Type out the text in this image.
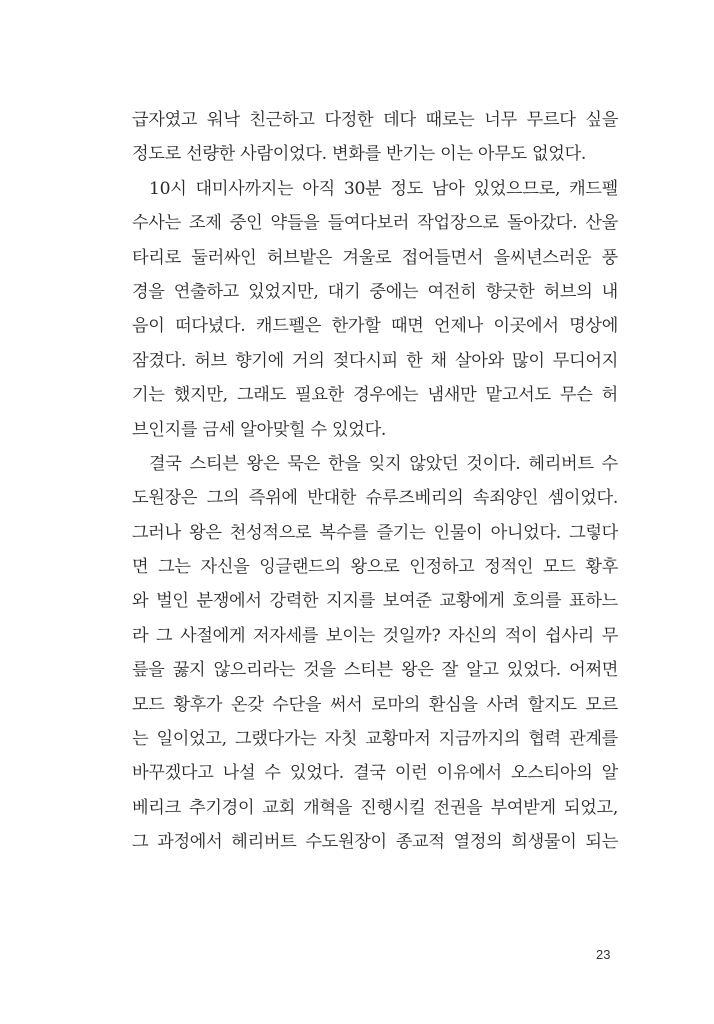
급자였고 워낙 친근하고 다정한 데다 때로는 너무 무르다 싶을
정도로 선량한 사람이었다. 변화를 반기는 이는 아무도 없었다.
10시 대미사까지는 아직 30분 정도 남아 있었으므로, 캐드펠
수사는 조제 중인 약들을 들여다보러 작업장으로 돌아갔다. 산울
타리로 둘러싸인 허브밭은 겨울로 접어들면서 을씨년스러운 풍
경을 연출하고 있었지만, 대기 중에는 여전히 향긋한 허브의 내
음이 떠다녔다. 캐드펠은 한가할 때면 언제나 이곳에서 명상에
잠겼다. 허브 향기에 거의 젖다시피 한 채 살아와 많이 무디어지
기는 했지만, 그래도 필요한 경우에는 냄새만 맡고서도 무슨 허
브인지를 금세 알아맞힐 수 있었다.
결국 스티븐 왕은 묵은 한을 잊지 않았던 것이다. 헤리버트 수
도원장은 그의 즉위에 반대한 슈루즈베리의 속죄양인 셈이었다.
그러나 왕은 천성적으로 복수를 즐기는 인물이 아니었다. 그렇다
면 그는 자신을 잉글랜드의 왕으로 인정하고 정적인 모드 황후
와 벌인 분쟁에서 강력한 지지를 보여준 교황에게 호의를 표하느
라 그 사절에게 저자세를 보이는 것일까? 자신의 적이 쉽사리 무
릎을 꿇지 않으리라는 것을 스티븐 왕은 잘 알고 있었다. 어쩌면
모드 황후가 온갖 수단을 써서 로마의 환심을 사려 할지도 모르
는 일이었고, 그랬다가는 자칫 교황마저 지금까지의 협력 관계를
바꾸겠다고 나설 수 있었다. 결국 이런 이유에서 오스티아의 알
베리크 추기경이 교회 개혁을 진행시킬 전권을 부여받게 되었고,
그 과정에서 헤리버트 수도원장이 종교적 열정의 희생물이 되는
23
